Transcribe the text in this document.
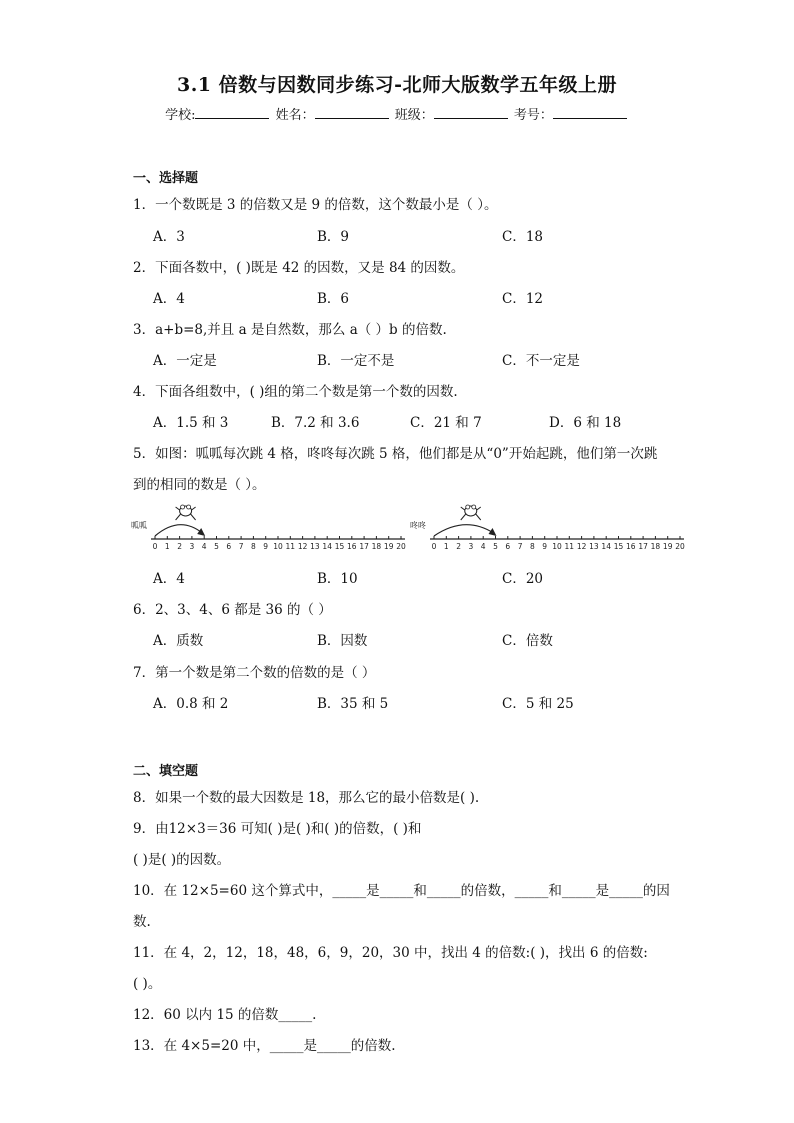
3.1 倍数与因数同步练习-北师大版数学五年级上册
学校:	姓名：	班级：	考号：
一、选择题
1．一个数既是 3 的倍数又是 9 的倍数，这个数最小是（ ）。
A．3	B．9	C．18
2．下面各数中，( )既是 42 的因数，又是 84 的因数。
A．4	B．6	C．12
3．a+b=8,并且 a 是自然数，那么 a（ ）b 的倍数.
A．一定是	B．一定不是	C．不一定是
4．下面各组数中，( )组的第二个数是第一个数的因数.
A．1.5 和 3	B．7.2 和 3.6	C．21 和 7	D．6 和 18
5．如图：呱呱每次跳 4 格，咚咚每次跳 5 格，他们都是从“0”开始起跳，他们第一次跳
到的相同的数是（ ）。
呱呱
0 1 2 3 4 5 6 7 8 9 10 11 12 13 14 15 16 17 18 19 20
咚咚
0 1 2 3 4 5 6 7 8 9 10 11 12 13 14 15 16 17 18 19 20
A．4	B．10	C．20
6．2、3、4、6 都是 36 的（ ）
A．质数	B．因数	C．倍数
7．第一个数是第二个数的倍数的是（ ）
A．0.8 和 2	B．35 和 5	C．5 和 25
二、填空题
8．如果一个数的最大因数是 18，那么它的最小倍数是( ).
9．由12×3＝36 可知( )是( )和( )的倍数，( )和
( )是( )的因数。
10．在 12×5=60 这个算式中，_____是_____和_____的倍数，_____和_____是_____的因
数.
11．在 4，2，12，18，48，6，9，20，30 中，找出 4 的倍数:( )，找出 6 的倍数:
( )。
12．60 以内 15 的倍数_____.
13．在 4×5=20 中，_____是_____的倍数.
